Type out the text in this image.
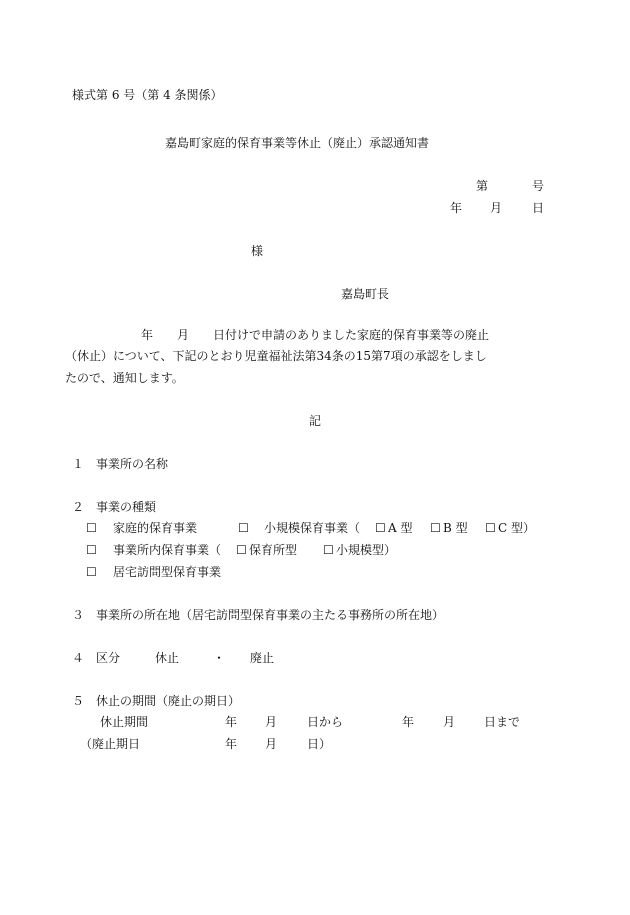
様式第 6 号（第 4 条関係）
嘉島町家庭的保育事業等休止（廃止）承認通知書
第	号
年 月 日
様
嘉島町長
年　　月　　日付けで申請のありました家庭的保育事業等の廃止
（休止）について、下記のとおり児童福祉法第34条の15第7項の承認をしまし
たので、通知します。
記
１　事業所の名称
２　事業の種類
☐ 家庭的保育事業	☐ 小規模保育事業（ ☐ A 型 ☐ B 型 ☐ C 型）
☐ 事業所内保育事業（ ☐ 保育所型 ☐ 小規模型）
☐ 居宅訪問型保育事業
３　事業所の所在地（居宅訪問型保育事業の主たる事務所の所在地）
４　区分	休止	・ 廃止
５　休止の期間（廃止の期日）
休止期間	年 月 日から	年 月 日まで
（廃止期日	年 月 日）
